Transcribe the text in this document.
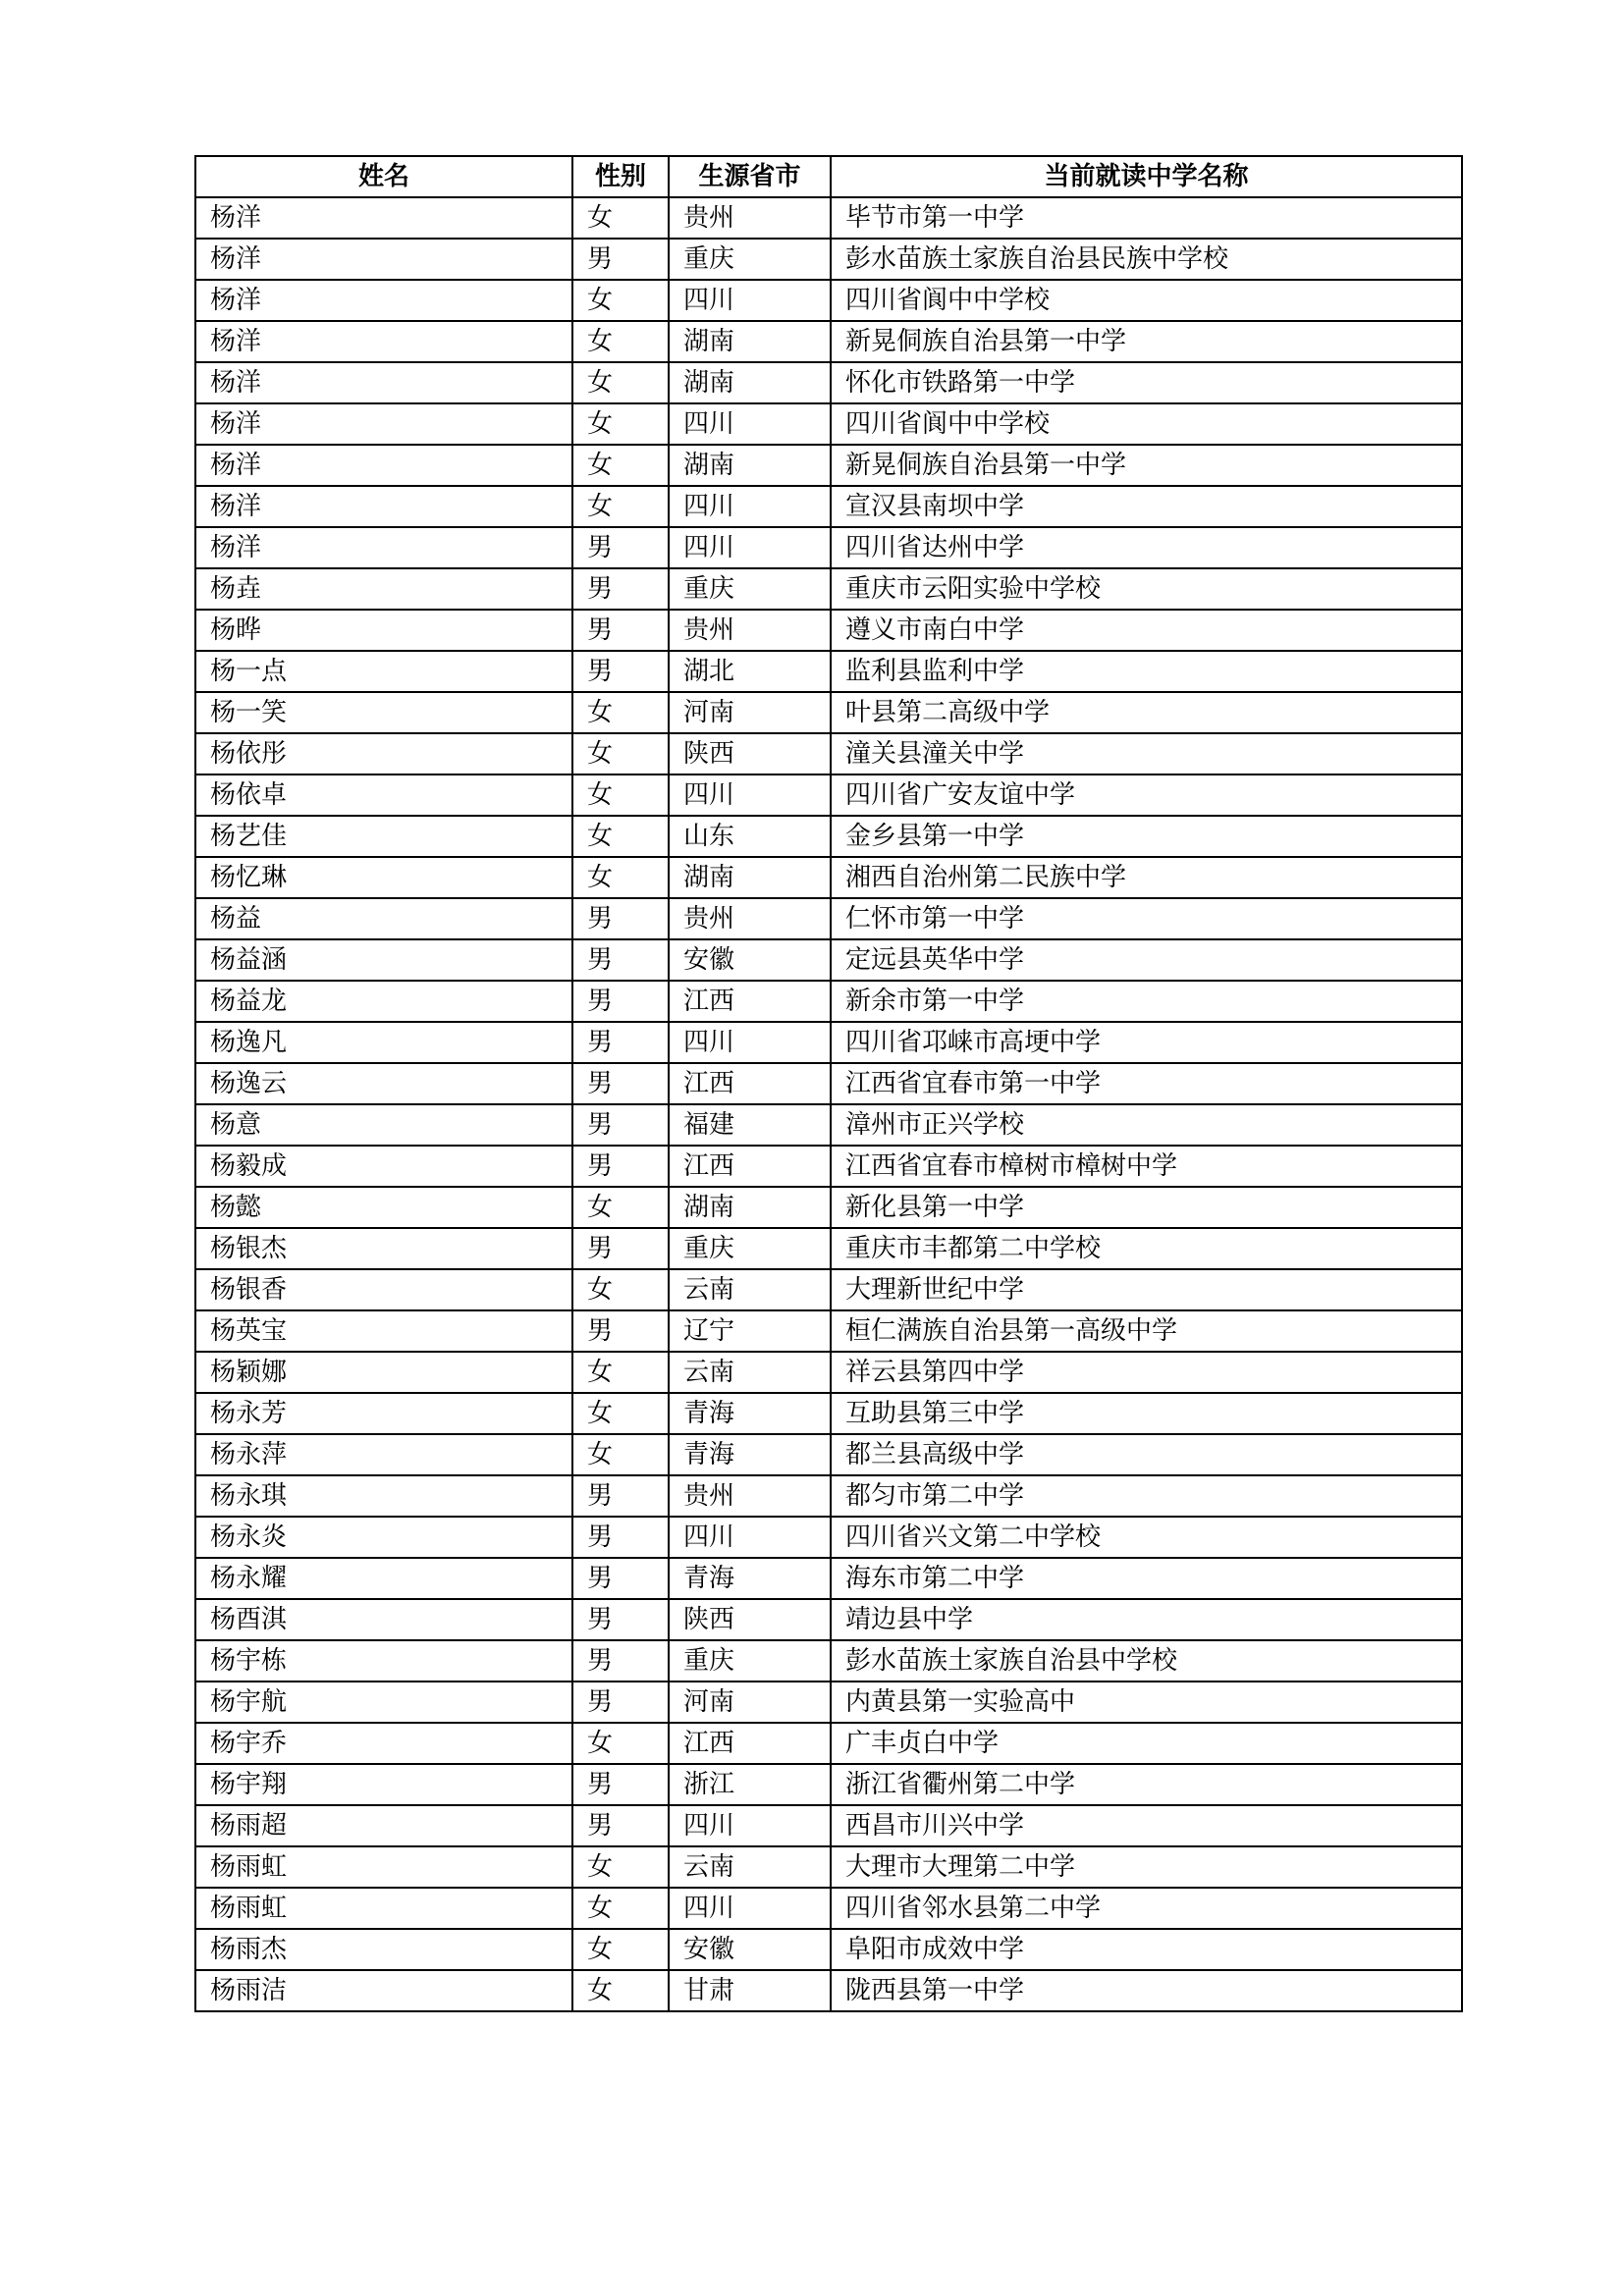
姓名	性别	生源省市	当前就读中学名称
杨洋	女	贵州	毕节市第一中学
杨洋	男	重庆	彭水苗族土家族自治县民族中学校
杨洋	女	四川	四川省阆中中学校
杨洋	女	湖南	新晃侗族自治县第一中学
杨洋	女	湖南	怀化市铁路第一中学
杨洋	女	四川	四川省阆中中学校
杨洋	女	湖南	新晃侗族自治县第一中学
杨洋	女	四川	宣汉县南坝中学
杨洋	男	四川	四川省达州中学
杨垚	男	重庆	重庆市云阳实验中学校
杨晔	男	贵州	遵义市南白中学
杨一点	男	湖北	监利县监利中学
杨一笑	女	河南	叶县第二高级中学
杨依彤	女	陕西	潼关县潼关中学
杨依卓	女	四川	四川省广安友谊中学
杨艺佳	女	山东	金乡县第一中学
杨忆琳	女	湖南	湘西自治州第二民族中学
杨益	男	贵州	仁怀市第一中学
杨益涵	男	安徽	定远县英华中学
杨益龙	男	江西	新余市第一中学
杨逸凡	男	四川	四川省邛崃市高埂中学
杨逸云	男	江西	江西省宜春市第一中学
杨意	男	福建	漳州市正兴学校
杨毅成	男	江西	江西省宜春市樟树市樟树中学
杨懿	女	湖南	新化县第一中学
杨银杰	男	重庆	重庆市丰都第二中学校
杨银香	女	云南	大理新世纪中学
杨英宝	男	辽宁	桓仁满族自治县第一高级中学
杨颖娜	女	云南	祥云县第四中学
杨永芳	女	青海	互助县第三中学
杨永萍	女	青海	都兰县高级中学
杨永琪	男	贵州	都匀市第二中学
杨永炎	男	四川	四川省兴文第二中学校
杨永耀	男	青海	海东市第二中学
杨酉淇	男	陕西	靖边县中学
杨宇栋	男	重庆	彭水苗族土家族自治县中学校
杨宇航	男	河南	内黄县第一实验高中
杨宇乔	女	江西	广丰贞白中学
杨宇翔	男	浙江	浙江省衢州第二中学
杨雨超	男	四川	西昌市川兴中学
杨雨虹	女	云南	大理市大理第二中学
杨雨虹	女	四川	四川省邻水县第二中学
杨雨杰	女	安徽	阜阳市成效中学
杨雨洁	女	甘肃	陇西县第一中学
